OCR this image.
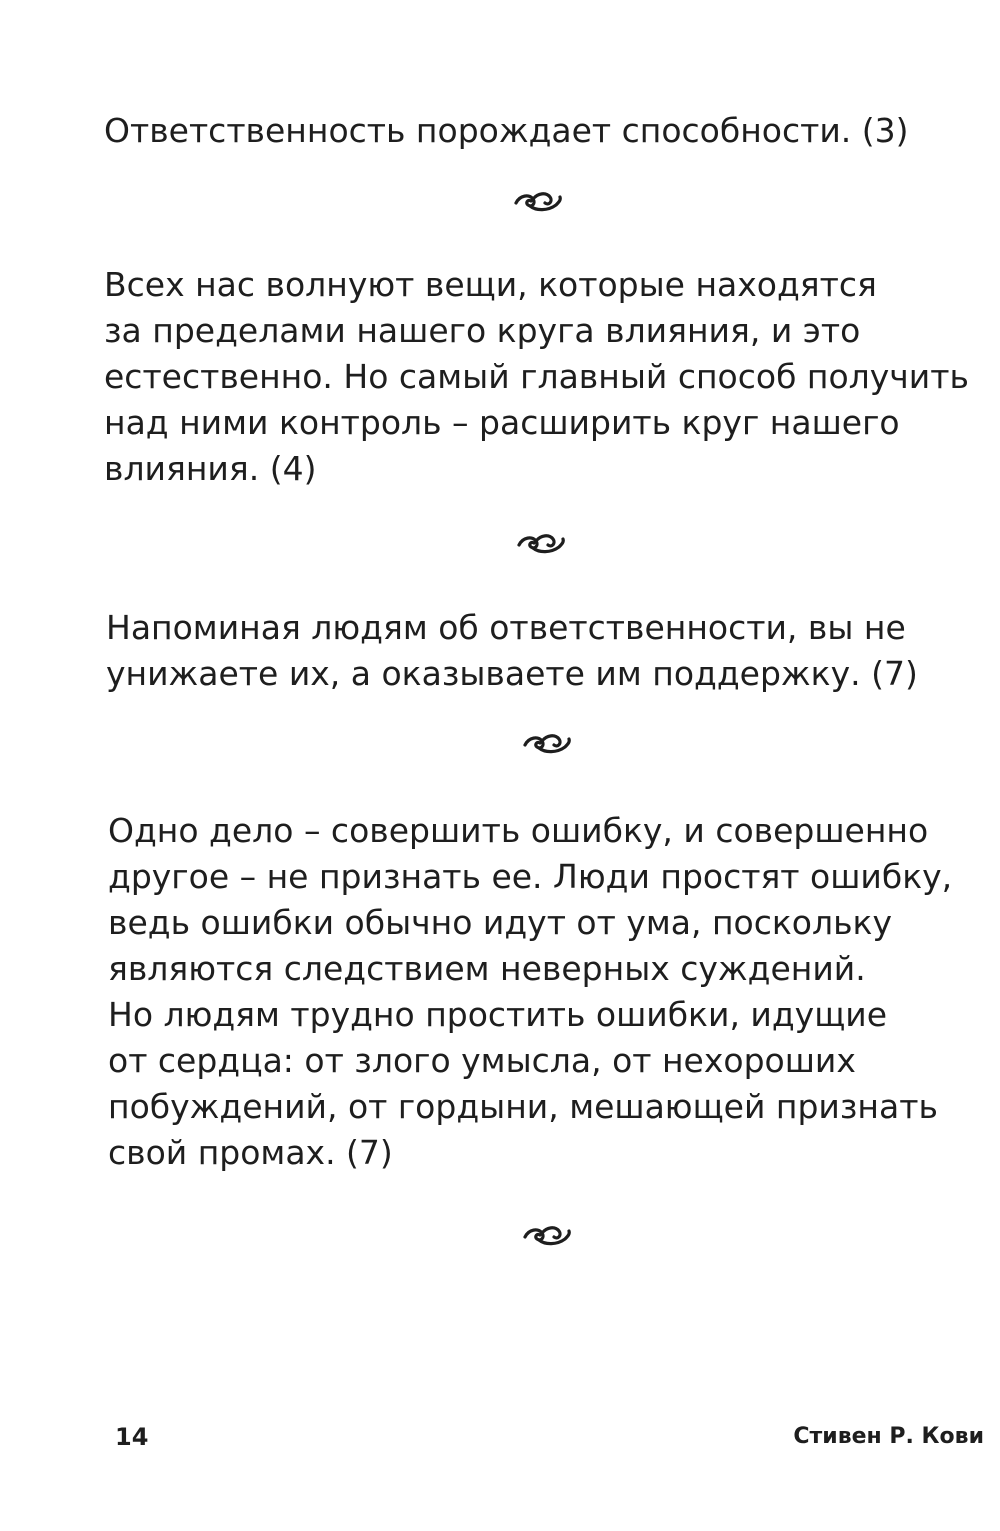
Ответственность порождает способности. (3)

Всех нас волнуют вещи, которые находятся
за пределами нашего круга влияния, и это
естественно. Но самый главный способ получить
над ними контроль – расширить круг нашего
влияния. (4)

Напоминая людям об ответственности, вы не
унижаете их, а оказываете им поддержку. (7)

Одно дело – совершить ошибку, и совершенно
другое – не признать ее. Люди простят ошибку,
ведь ошибки обычно идут от ума, поскольку
являются следствием неверных суждений.
Но людям трудно простить ошибки, идущие
от сердца: от злого умысла, от нехороших
побуждений, от гордыни, мешающей признать
свой промах. (7)

14	Стивен Р. Кови
